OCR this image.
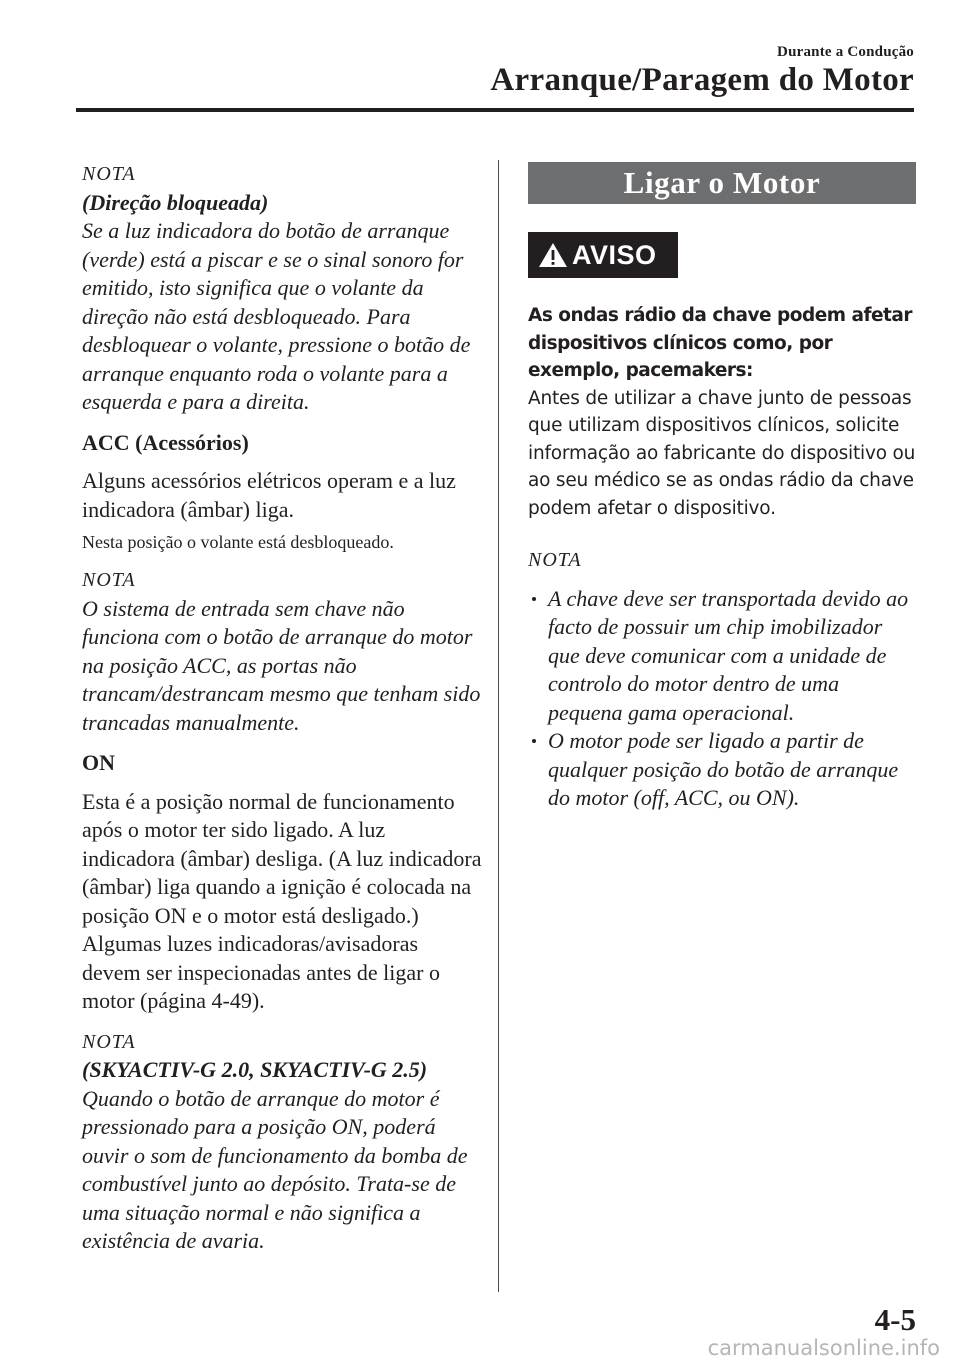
Durante a Condução
Arranque/Paragem do Motor
NOTA
(Direção bloqueada)

Se a luz indicadora do botão de arranque (verde) está a piscar e se o sinal sonoro for emitido, isto significa que o volante da direção não está desbloqueado. Para desbloquear o volante, pressione o botão de arranque enquanto roda o volante para a esquerda e para a direita.

ACC (Acessórios)
Alguns acessórios elétricos operam e a luz indicadora (âmbar) liga.

Nesta posição o volante está desbloqueado.

NOTA

O sistema de entrada sem chave não funciona com o botão de arranque do motor na posição ACC, as portas não trancam/destrancam mesmo que tenham sido trancadas manualmente.

ON
Esta é a posição normal de funcionamento após o motor ter sido ligado. A luz indicadora (âmbar) desliga. (A luz indicadora (âmbar) liga quando a ignição é colocada na posição ON e o motor está desligado.)

Algumas luzes indicadoras/avisadoras devem ser inspecionadas antes de ligar o motor (página 4-49).

NOTA
(SKYACTIV-G 2.0, SKYACTIV-G 2.5)

Quando o botão de arranque do motor é pressionado para a posição ON, poderá ouvir o som de funcionamento da bomba de combustível junto ao depósito. Trata-se de uma situação normal e não significa a existência de avaria.

Ligar o Motor
AVISO
As ondas rádio da chave podem afetar dispositivos clínicos como, por exemplo, pacemakers:
Antes de utilizar a chave junto de pessoas que utilizam dispositivos clínicos, solicite informação ao fabricante do dispositivo ou ao seu médico se as ondas rádio da chave podem afetar o dispositivo.
NOTA
A chave deve ser transportada devido ao facto de possuir um chip imobilizador que deve comunicar com a unidade de controlo do motor dentro de uma pequena gama operacional.
O motor pode ser ligado a partir de qualquer posição do botão de arranque do motor (off, ACC, ou ON).
4-5
carmanualsonline.info
